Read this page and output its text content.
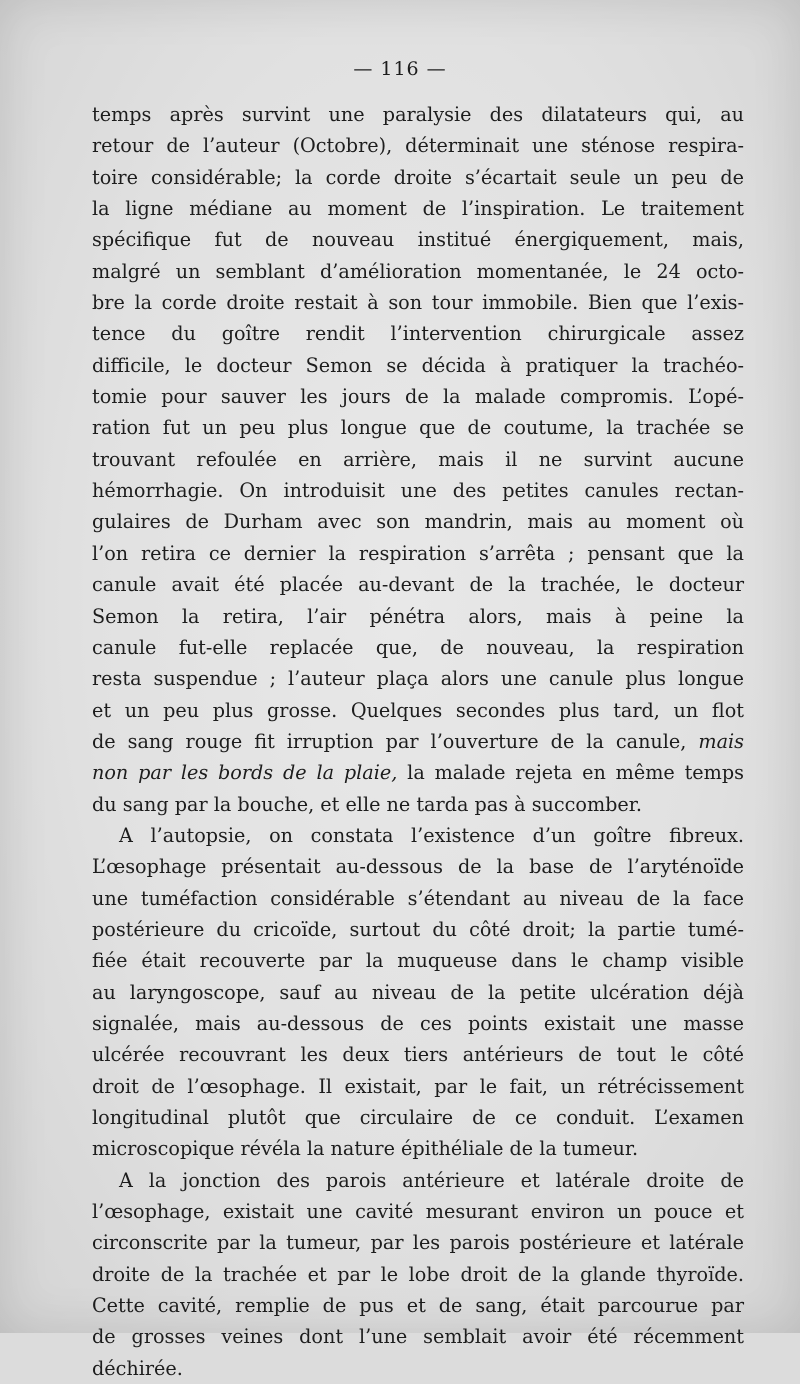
— 116 —
temps après survint une paralysie des dilatateurs qui, au
retour de l’auteur (Octobre), déterminait une sténose respira-
toire considérable; la corde droite s’écartait seule un peu de
la ligne médiane au moment de l’inspiration. Le traitement
spécifique fut de nouveau institué énergiquement, mais,
malgré un semblant d’amélioration momentanée, le 24 octo-
bre la corde droite restait à son tour immobile. Bien que l’exis-
tence du goître rendit l’intervention chirurgicale assez
difficile, le docteur Semon se décida à pratiquer la trachéo-
tomie pour sauver les jours de la malade compromis. L’opé-
ration fut un peu plus longue que de coutume, la trachée se
trouvant refoulée en arrière, mais il ne survint aucune
hémorrhagie. On introduisit une des petites canules rectan-
gulaires de Durham avec son mandrin, mais au moment où
l’on retira ce dernier la respiration s’arrêta ; pensant que la
canule avait été placée au-devant de la trachée, le docteur
Semon la retira, l’air pénétra alors, mais à peine la
canule fut-elle replacée que, de nouveau, la respiration
resta suspendue ; l’auteur plaça alors une canule plus longue
et un peu plus grosse. Quelques secondes plus tard, un flot
de sang rouge fit irruption par l’ouverture de la canule, mais
non par les bords de la plaie, la malade rejeta en même temps
du sang par la bouche, et elle ne tarda pas à succomber.
A l’autopsie, on constata l’existence d’un goître fibreux.
L’œsophage présentait au-dessous de la base de l’aryténoïde
une tuméfaction considérable s’étendant au niveau de la face
postérieure du cricoïde, surtout du côté droit; la partie tumé-
fiée était recouverte par la muqueuse dans le champ visible
au laryngoscope, sauf au niveau de la petite ulcération déjà
signalée, mais au-dessous de ces points existait une masse
ulcérée recouvrant les deux tiers antérieurs de tout le côté
droit de l’œsophage. Il existait, par le fait, un rétrécissement
longitudinal plutôt que circulaire de ce conduit. L’examen
microscopique révéla la nature épithéliale de la tumeur.
A la jonction des parois antérieure et latérale droite de
l’œsophage, existait une cavité mesurant environ un pouce et
circonscrite par la tumeur, par les parois postérieure et latérale
droite de la trachée et par le lobe droit de la glande thyroïde.
Cette cavité, remplie de pus et de sang, était parcourue par
de grosses veines dont l’une semblait avoir été récemment
déchirée.
